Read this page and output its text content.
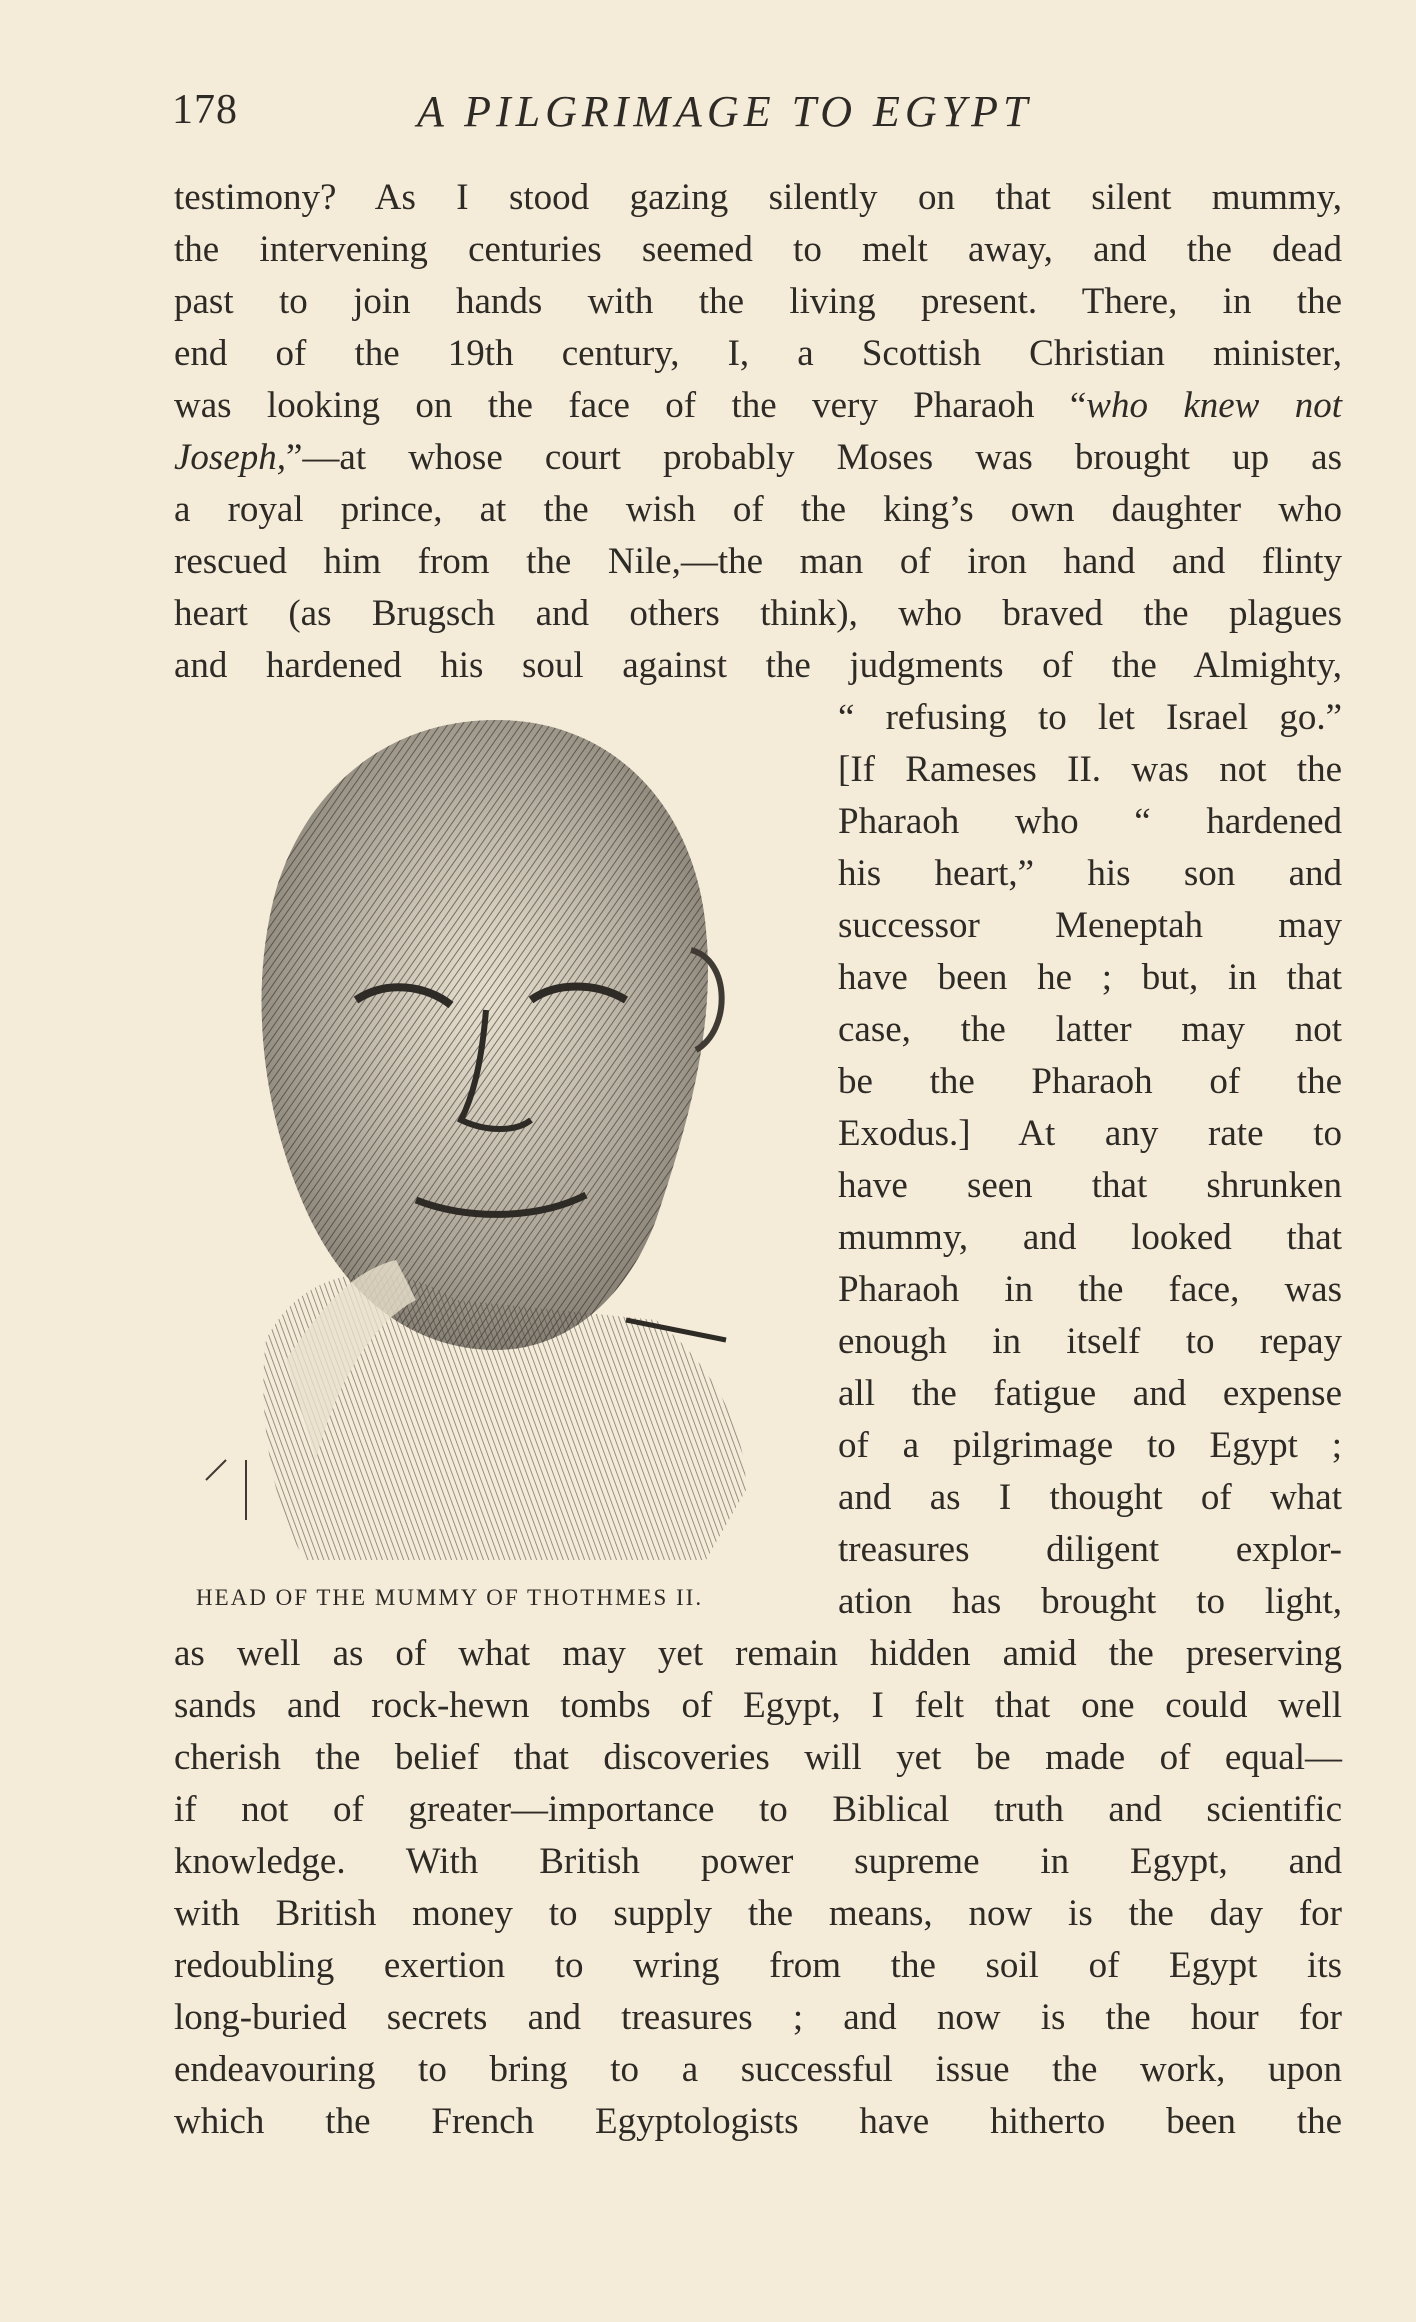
178	A PILGRIMAGE TO EGYPT
testimony? As I stood gazing silently on that silent mummy,
the intervening centuries seemed to melt away, and the dead
past to join hands with the living present. There, in the
end of the 19th century, I, a Scottish Christian minister,
was looking on the face of the very Pharaoh “who knew not
Joseph,”—at whose court probably Moses was brought up as
a royal prince, at the wish of the king’s own daughter who
rescued him from the Nile,—the man of iron hand and flinty
heart (as Brugsch and others think), who braved the plagues
and hardened his soul against the judgments of the Almighty,
“ refusing to let Israel go.”
[If Rameses II. was not the
Pharaoh who “ hardened
his heart,” his son and
successor Meneptah may
have been he ; but, in that
case, the latter may not
be the Pharaoh of the
Exodus.] At any rate to
have seen that shrunken
mummy, and looked that
Pharaoh in the face, was
enough in itself to repay
all the fatigue and expense
of a pilgrimage to Egypt ;
and as I thought of what
treasures diligent explor-
ation has brought to light,
HEAD OF THE MUMMY OF THOTHMES II.
as well as of what may yet remain hidden amid the preserving
sands and rock-hewn tombs of Egypt, I felt that one could well
cherish the belief that discoveries will yet be made of equal—
if not of greater—importance to Biblical truth and scientific
knowledge. With British power supreme in Egypt, and
with British money to supply the means, now is the day for
redoubling exertion to wring from the soil of Egypt its
long-buried secrets and treasures ; and now is the hour for
endeavouring to bring to a successful issue the work, upon
which the French Egyptologists have hitherto been the
